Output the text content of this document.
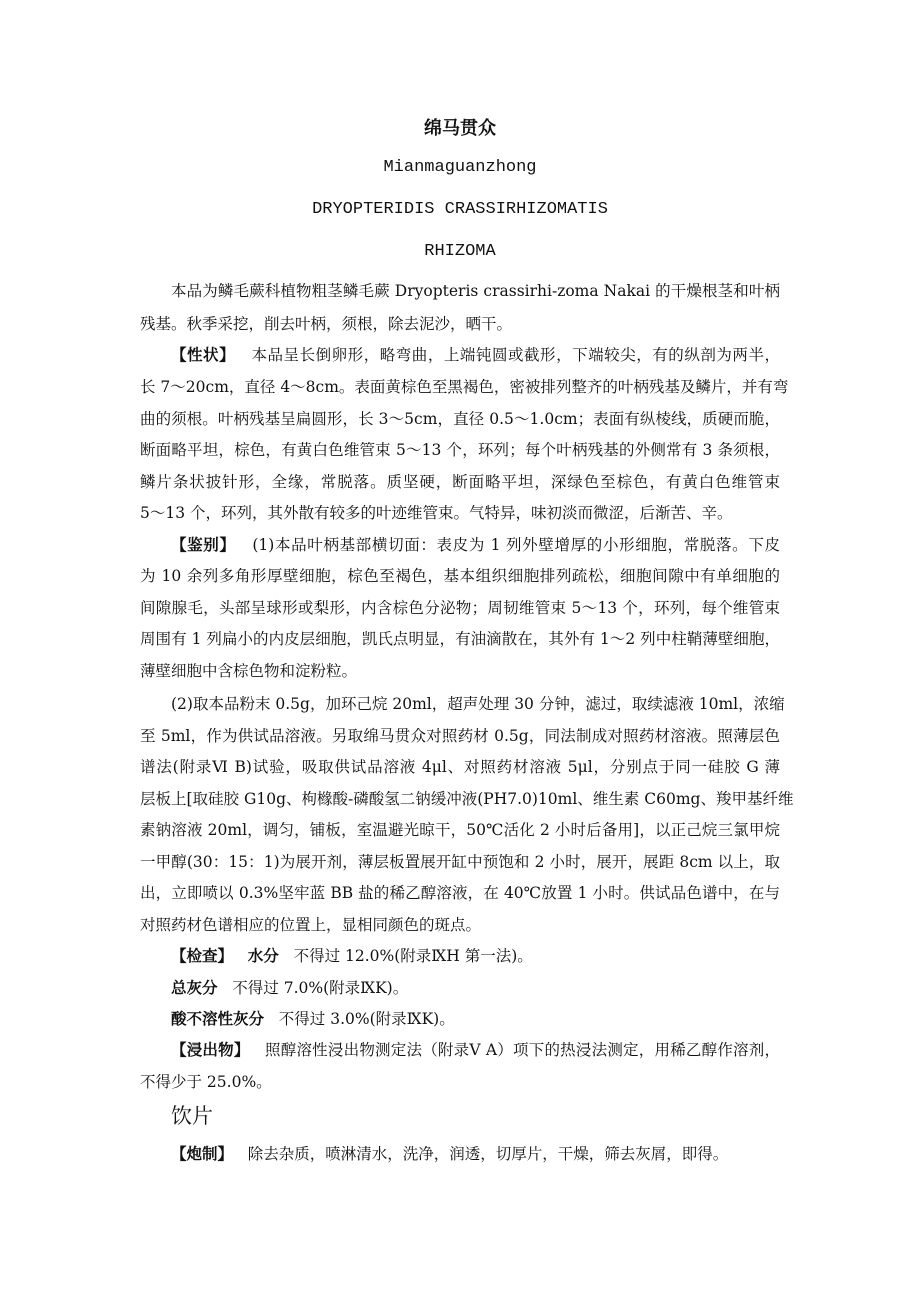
绵马贯众
Mianmaguanzhong
DRYOPTERIDIS CRASSIRHIZOMATIS
RHIZOMA
本品为鳞毛蕨科植物粗茎鳞毛蕨 Dryopteris crassirhi-zoma Nakai 的干燥根茎和叶柄
残基。秋季采挖，削去叶柄，须根，除去泥沙，晒干。
【性状】 本品呈长倒卵形，略弯曲，上端钝圆或截形，下端较尖，有的纵剖为两半，
长 7～20cm，直径 4～8cm。表面黄棕色至黑褐色，密被排列整齐的叶柄残基及鳞片，并有弯
曲的须根。叶柄残基呈扁圆形，长 3～5cm，直径 0.5～1.0cm；表面有纵棱线，质硬而脆，
断面略平坦，棕色，有黄白色维管束 5～13 个，环列；每个叶柄残基的外侧常有 3 条须根，
鳞片条状披针形，全缘，常脱落。质坚硬，断面略平坦，深绿色至棕色，有黄白色维管束
5～13 个，环列，其外散有较多的叶迹维管束。气特异，味初淡而微涩，后渐苦、辛。
【鉴别】 (1)本品叶柄基部横切面：表皮为 1 列外壁增厚的小形细胞，常脱落。下皮
为 10 余列多角形厚壁细胞，棕色至褐色，基本组织细胞排列疏松，细胞间隙中有单细胞的
间隙腺毛，头部呈球形或梨形，内含棕色分泌物；周韧维管束 5～13 个，环列，每个维管束
周围有 1 列扁小的内皮层细胞，凯氏点明显，有油滴散在，其外有 1～2 列中柱鞘薄壁细胞，
薄壁细胞中含棕色物和淀粉粒。
(2)取本品粉末 0.5g，加环己烷 20ml，超声处理 30 分钟，滤过，取续滤液 10ml，浓缩
至 5ml，作为供试品溶液。另取绵马贯众对照药材 0.5g，同法制成对照药材溶液。照薄层色
谱法(附录Ⅵ B)试验，吸取供试品溶液 4μl、对照药材溶液 5μl，分别点于同一硅胶 G 薄
层板上[取硅胶 G10g、枸橼酸-磷酸氢二钠缓冲液(PH7.0)10ml、维生素 C60mg、羧甲基纤维
素钠溶液 20ml，调匀，铺板，室温避光晾干，50℃活化 2 小时后备用]，以正己烷三氯甲烷
一甲醇(30：15：1)为展开剂，薄层板置展开缸中预饱和 2 小时，展开，展距 8cm 以上，取
出，立即喷以 0.3%坚牢蓝 BB 盐的稀乙醇溶液，在 40℃放置 1 小时。供试品色谱中，在与
对照药材色谱相应的位置上，显相同颜色的斑点。
【检查】 水分 不得过 12.0%(附录ⅨH 第一法)。
总灰分 不得过 7.0%(附录ⅨK)。
酸不溶性灰分 不得过 3.0%(附录ⅨK)。
【浸出物】 照醇溶性浸出物测定法（附录Ⅴ A）项下的热浸法测定，用稀乙醇作溶剂，
不得少于 25.0%。
饮片
【炮制】 除去杂质，喷淋清水，洗净，润透，切厚片，干燥，筛去灰屑，即得。
